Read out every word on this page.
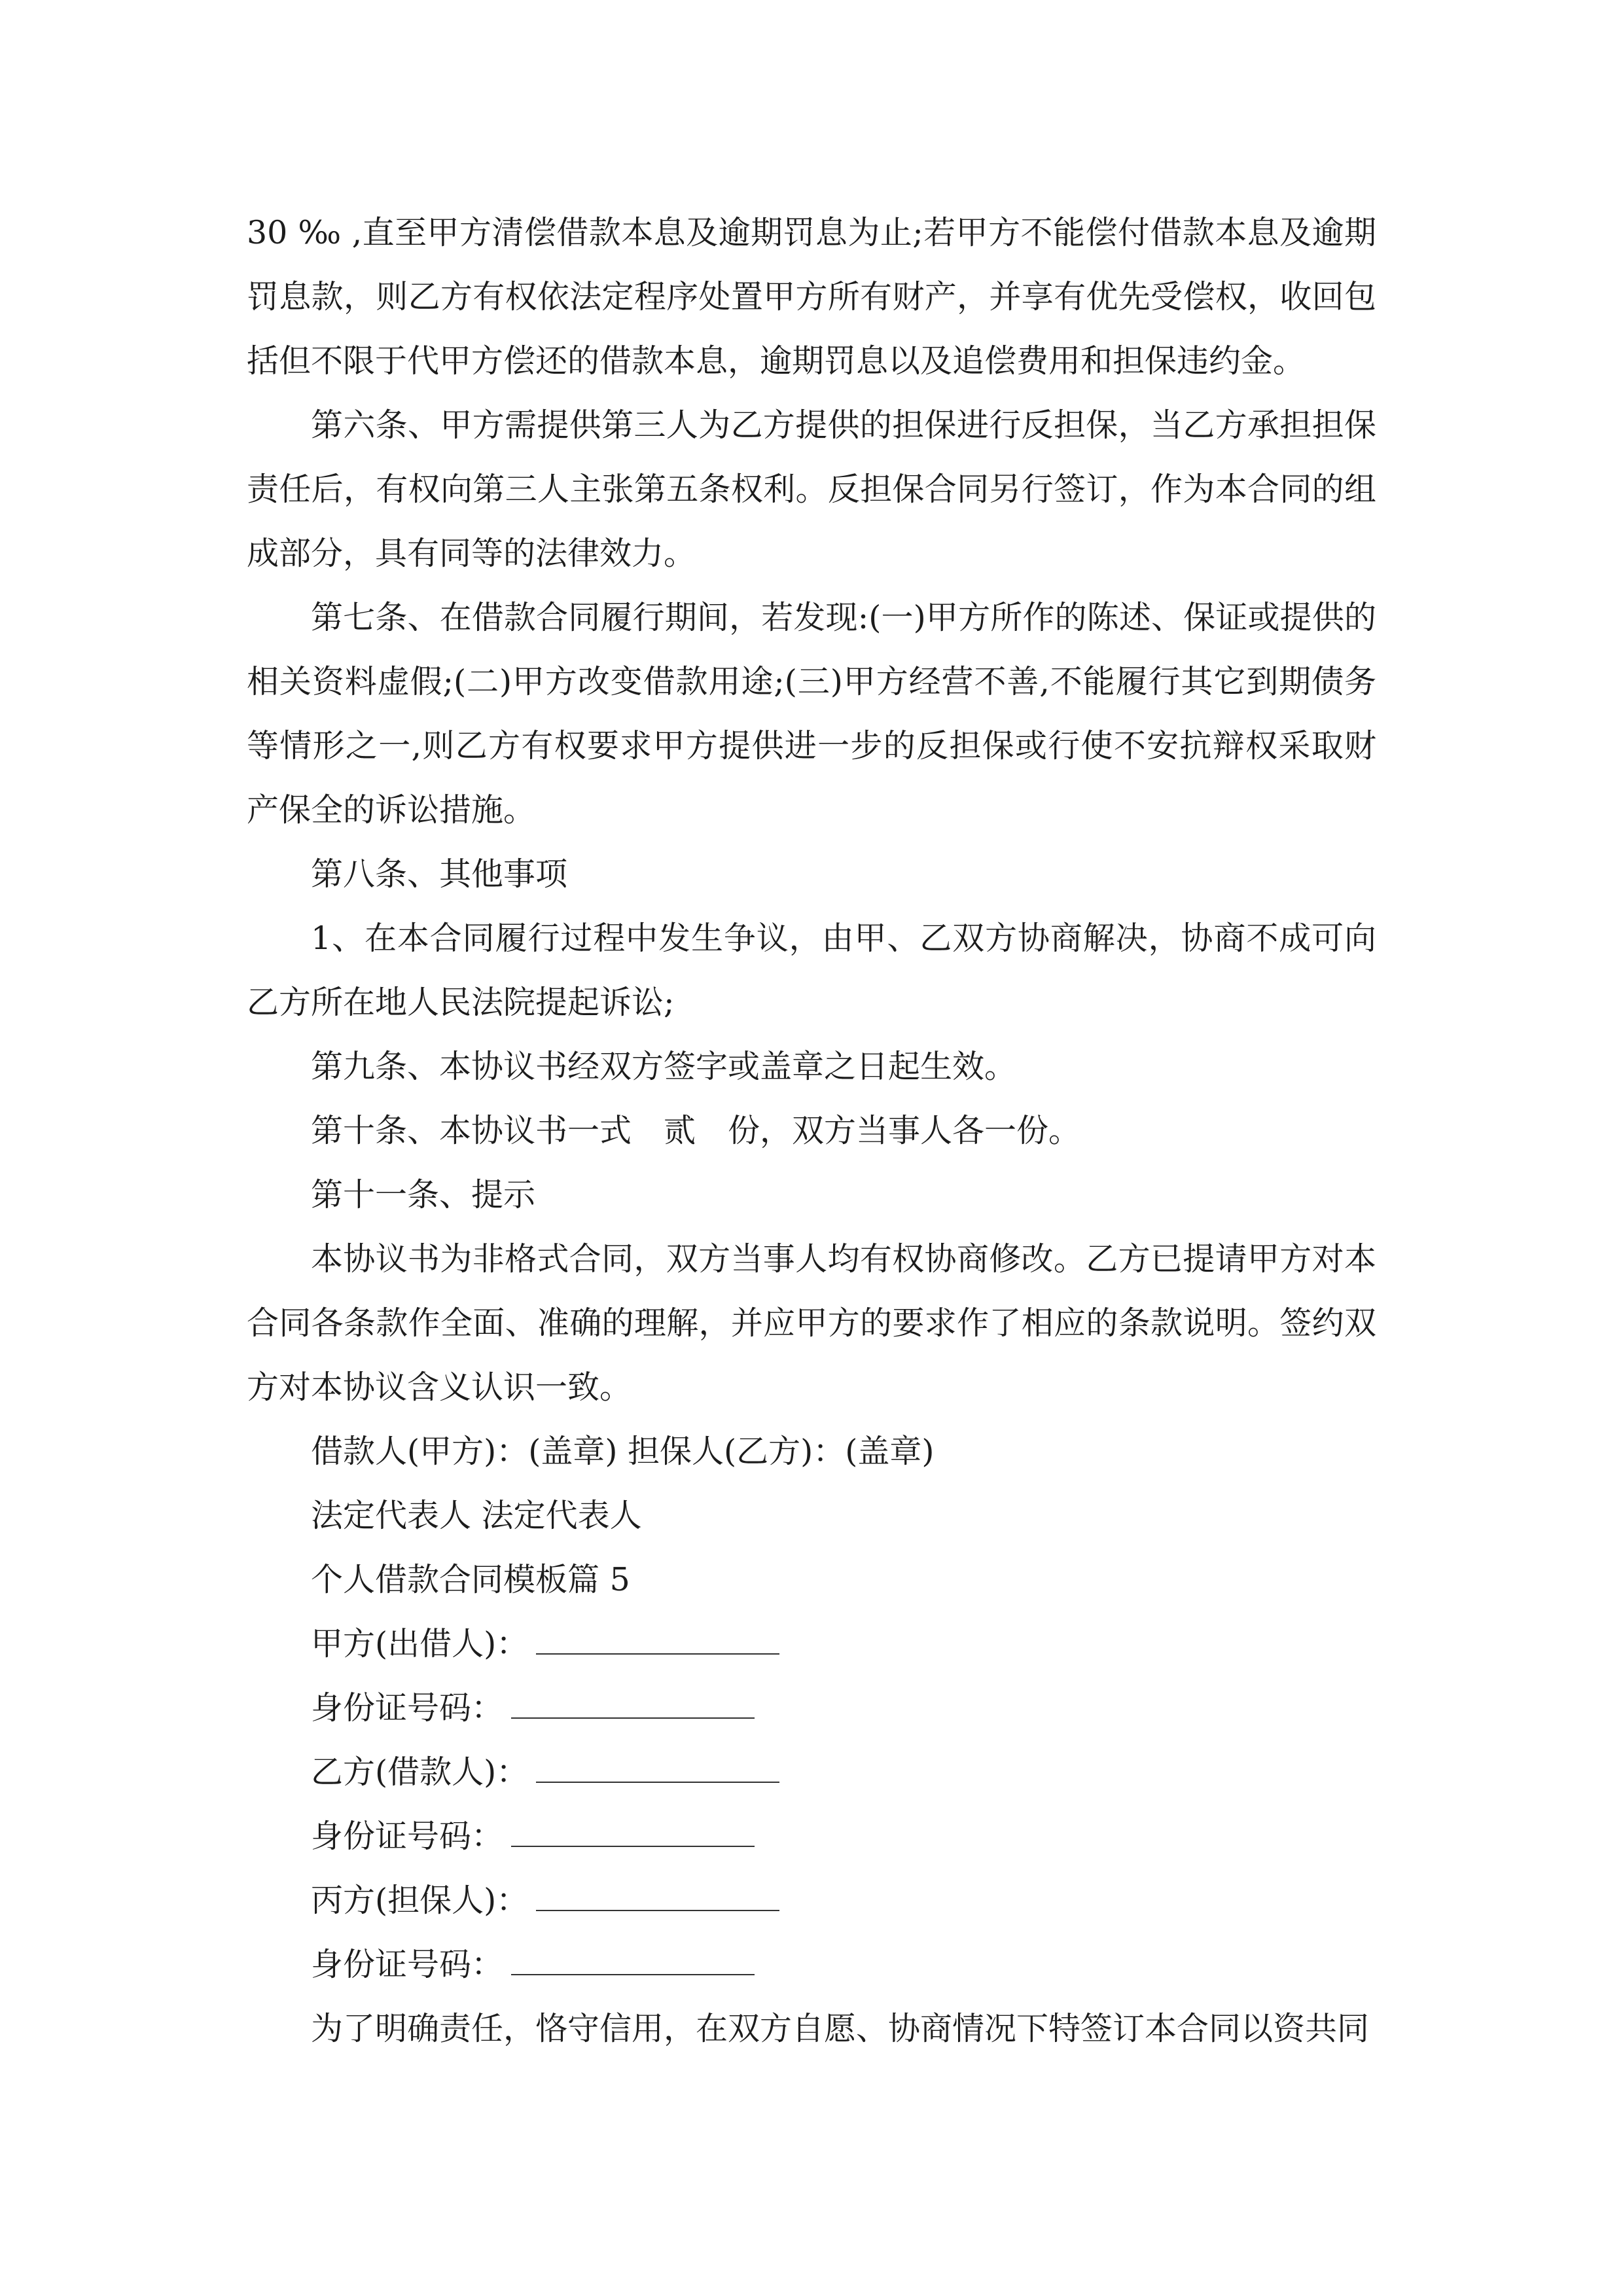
30 ‰ ,直至甲方清偿借款本息及逾期罚息为止;若甲方不能偿付借款本息及逾期罚息款，则乙方有权依法定程序处置甲方所有财产，并享有优先受偿权，收回包括但不限于代甲方偿还的借款本息，逾期罚息以及追偿费用和担保违约金。

第六条、甲方需提供第三人为乙方提供的担保进行反担保，当乙方承担担保责任后，有权向第三人主张第五条权利。反担保合同另行签订，作为本合同的组成部分，具有同等的法律效力。

第七条、在借款合同履行期间，若发现:(一)甲方所作的陈述、保证或提供的相关资料虚假;(二)甲方改变借款用途;(三)甲方经营不善,不能履行其它到期债务等情形之一,则乙方有权要求甲方提供进一步的反担保或行使不安抗辩权采取财产保全的诉讼措施。

第八条、其他事项

1、在本合同履行过程中发生争议，由甲、乙双方协商解决，协商不成可向乙方所在地人民法院提起诉讼;

第九条、本协议书经双方签字或盖章之日起生效。

第十条、本协议书一式　贰　份，双方当事人各一份。

第十一条、提示

本协议书为非格式合同，双方当事人均有权协商修改。乙方已提请甲方对本合同各条款作全面、准确的理解，并应甲方的要求作了相应的条款说明。签约双方对本协议含义认识一致。

借款人(甲方)：(盖章) 担保人(乙方)：(盖章)

法定代表人 法定代表人

个人借款合同模板篇 5

甲方(出借人)：

身份证号码：

乙方(借款人)：

身份证号码：

丙方(担保人)：

身份证号码：

为了明确责任，恪守信用，在双方自愿、协商情况下特签订本合同以资共同
